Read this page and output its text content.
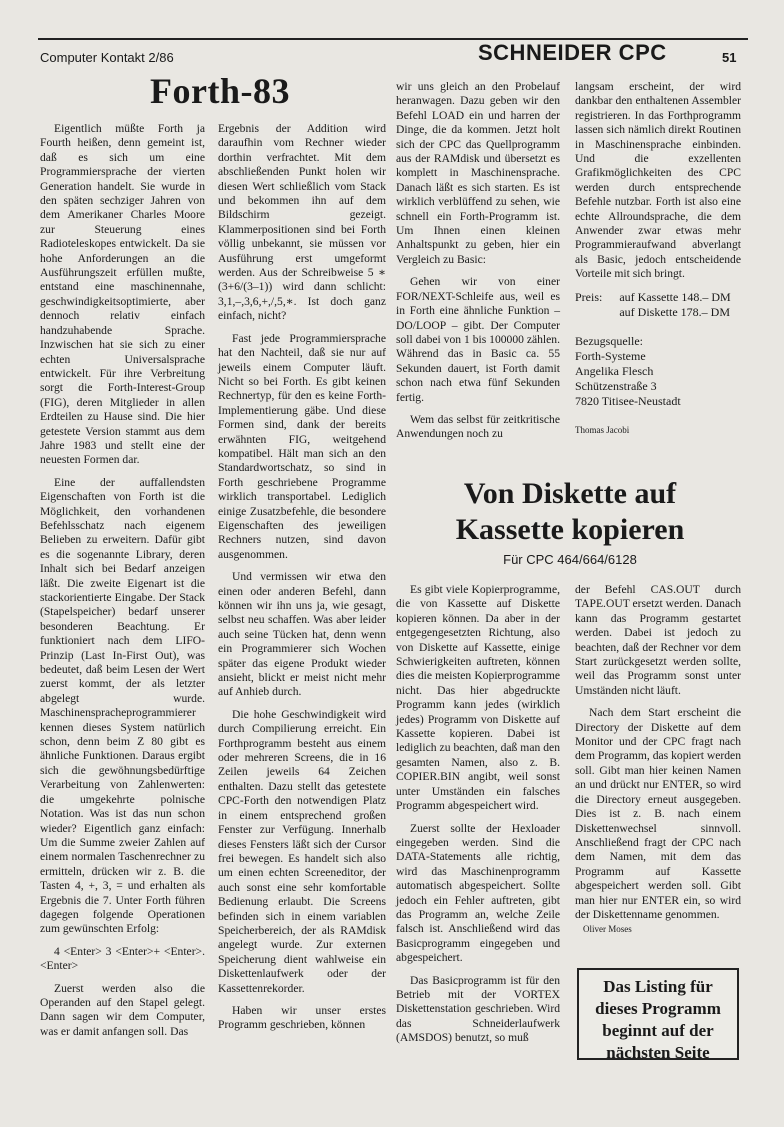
Computer Kontakt 2/86	SCHNEIDER CPC	51
Forth-83

Eigentlich müßte Forth ja Fourth heißen, denn gemeint ist, daß es sich um eine Programmiersprache der vierten Generation handelt. Sie wurde in den späten sechziger Jahren von dem Amerikaner Charles Moore zur Steuerung eines Radioteleskopes entwickelt. Da sie hohe Anforderungen an die Ausführungszeit erfüllen mußte, entstand eine maschinennahe, geschwindigkeitsoptimierte, aber dennoch relativ einfach handzuhabende Sprache. Inzwischen hat sie sich zu einer echten Universalsprache entwickelt. Für ihre Verbreitung sorgt die Forth-Interest-Group (FIG), deren Mitglieder in allen Erdteilen zu Hause sind. Die hier getestete Version stammt aus dem Jahre 1983 und stellt eine der neuesten Formen dar.

Eine der auffallendsten Eigenschaften von Forth ist die Möglichkeit, den vorhandenen Befehlsschatz nach eigenem Belieben zu erweitern. Dafür gibt es die sogenannte Library, deren Inhalt sich bei Bedarf anzeigen läßt. Die zweite Eigenart ist die stackorientierte Eingabe. Der Stack (Stapelspeicher) bedarf unserer besonderen Beachtung. Er funktioniert nach dem LIFO-Prinzip (Last In-First Out), was bedeutet, daß beim Lesen der Wert zuerst kommt, der als letzter abgelegt wurde. Maschinenspracheprogrammierer kennen dieses System natürlich schon, denn beim Z 80 gibt es ähnliche Funktionen. Daraus ergibt sich die gewöhnungsbedürftige Verarbeitung von Zahlenwerten: die umgekehrte polnische Notation. Was ist das nun schon wieder? Eigentlich ganz einfach: Um die Summe zweier Zahlen auf einem normalen Taschenrechner zu ermitteln, drücken wir z. B. die Tasten 4, +, 3, = und erhalten als Ergebnis die 7. Unter Forth führen dagegen folgende Operationen zum gewünschten Erfolg:

4 <Enter> 3 <Enter>+ <Enter>. <Enter>

Zuerst werden also die Operanden auf den Stapel gelegt. Dann sagen wir dem Computer, was er damit anfangen soll. Das

Ergebnis der Addition wird daraufhin vom Rechner wieder dorthin verfrachtet. Mit dem abschließenden Punkt holen wir diesen Wert schließlich vom Stack und bekommen ihn auf dem Bildschirm gezeigt. Klammerpositionen sind bei Forth völlig unbekannt, sie müssen vor Ausführung erst umgeformt werden. Aus der Schreibweise 5 ∗ (3+6/(3–1)) wird dann schlicht: 3,1,–,3,6,+,/,5,∗. Ist doch ganz einfach, nicht?

Fast jede Programmiersprache hat den Nachteil, daß sie nur auf jeweils einem Computer läuft. Nicht so bei Forth. Es gibt keinen Rechnertyp, für den es keine Forth-Implementierung gäbe. Und diese Formen sind, dank der bereits erwähnten FIG, weitgehend kompatibel. Hält man sich an den Standardwortschatz, so sind in Forth geschriebene Programme wirklich transportabel. Lediglich einige Zusatzbefehle, die besondere Eigenschaften des jeweiligen Rechners nutzen, sind davon ausgenommen.

Und vermissen wir etwa den einen oder anderen Befehl, dann können wir ihn uns ja, wie gesagt, selbst neu schaffen. Was aber leider auch seine Tücken hat, denn wenn ein Programmierer sich Wochen später das eigene Produkt wieder ansieht, blickt er meist nicht mehr auf Anhieb durch.

Die hohe Geschwindigkeit wird durch Compilierung erreicht. Ein Forthprogramm besteht aus einem oder mehreren Screens, die in 16 Zeilen jeweils 64 Zeichen enthalten. Dazu stellt das getestete CPC-Forth den notwendigen Platz in einem entsprechend großen Fenster zur Verfügung. Innerhalb dieses Fensters läßt sich der Cursor frei bewegen. Es handelt sich also um einen echten Screeneditor, der auch sonst eine sehr komfortable Bedienung erlaubt. Die Screens befinden sich in einem variablen Speicherbereich, der als RAMdisk angelegt wurde. Zur externen Speicherung dient wahlweise ein Diskettenlaufwerk oder der Kassettenrekorder.

Haben wir unser erstes Programm geschrieben, können

wir uns gleich an den Probelauf heranwagen. Dazu geben wir den Befehl LOAD ein und harren der Dinge, die da kommen. Jetzt holt sich der CPC das Quellprogramm aus der RAMdisk und übersetzt es komplett in Maschinensprache. Danach läßt es sich starten. Es ist wirklich verblüffend zu sehen, wie schnell ein Forth-Programm ist. Um Ihnen einen kleinen Anhaltspunkt zu geben, hier ein Vergleich zu Basic:

Gehen wir von einer FOR/NEXT-Schleife aus, weil es in Forth eine ähnliche Funktion – DO/LOOP – gibt. Der Computer soll dabei von 1 bis 100000 zählen. Während das in Basic ca. 55 Sekunden dauert, ist Forth damit schon nach etwa fünf Sekunden fertig.

Wem das selbst für zeitkritische Anwendungen noch zu

langsam erscheint, der wird dankbar den enthaltenen Assembler registrieren. In das Forthprogramm lassen sich nämlich direkt Routinen in Maschinensprache einbinden. Und die exzellenten Grafikmöglichkeiten des CPC werden durch entsprechende Befehle nutzbar. Forth ist also eine echte Allroundsprache, die dem Anwender zwar etwas mehr Programmieraufwand abverlangt als Basic, jedoch entscheidende Vorteile mit sich bringt.

Preis: auf Kassette 148.– DM
auf Diskette 178.– DM
Bezugsquelle:
Forth-Systeme
Angelika Flesch
Schützenstraße 3
7820 Titisee-Neustadt
Thomas Jacobi
Von Diskette auf
Kassette kopieren
Für CPC 464/664/6128

Es gibt viele Kopierprogramme, die von Kassette auf Diskette kopieren können. Da aber in der entgegengesetzten Richtung, also von Diskette auf Kassette, einige Schwierigkeiten auftreten, können dies die meisten Kopierprogramme nicht. Das hier abgedruckte Programm kann jedes (wirklich jedes) Programm von Diskette auf Kassette kopieren. Dabei ist lediglich zu beachten, daß man den gesamten Namen, also z. B. COPIER.BIN angibt, weil sonst unter Umständen ein falsches Programm abgespeichert wird.

Zuerst sollte der Hexloader eingegeben werden. Sind die DATA-Statements alle richtig, wird das Maschinenprogramm automatisch abgespeichert. Sollte jedoch ein Fehler auftreten, gibt das Programm an, welche Zeile falsch ist. Anschließend wird das Basicprogramm eingegeben und abgespeichert.

Das Basicprogramm ist für den Betrieb mit der VORTEX Diskettenstation geschrieben. Wird das Schneiderlaufwerk (AMSDOS) benutzt, so muß

der Befehl CAS.OUT durch TAPE.OUT ersetzt werden. Danach kann das Programm gestartet werden. Dabei ist jedoch zu beachten, daß der Rechner vor dem Start zurückgesetzt werden sollte, weil das Programm sonst unter Umständen nicht läuft.

Nach dem Start erscheint die Directory der Diskette auf dem Monitor und der CPC fragt nach dem Programm, das kopiert werden soll. Gibt man hier keinen Namen an und drückt nur ENTER, so wird die Directory erneut ausgegeben. Dies ist z. B. nach einem Diskettenwechsel sinnvoll. Anschließend fragt der CPC nach dem Namen, mit dem das Programm auf Kassette abgespeichert werden soll. Gibt man hier nur ENTER ein, so wird der Diskettenname genommen.

Oliver Moses
Das Listing für
dieses Programm
beginnt auf der
nächsten Seite
